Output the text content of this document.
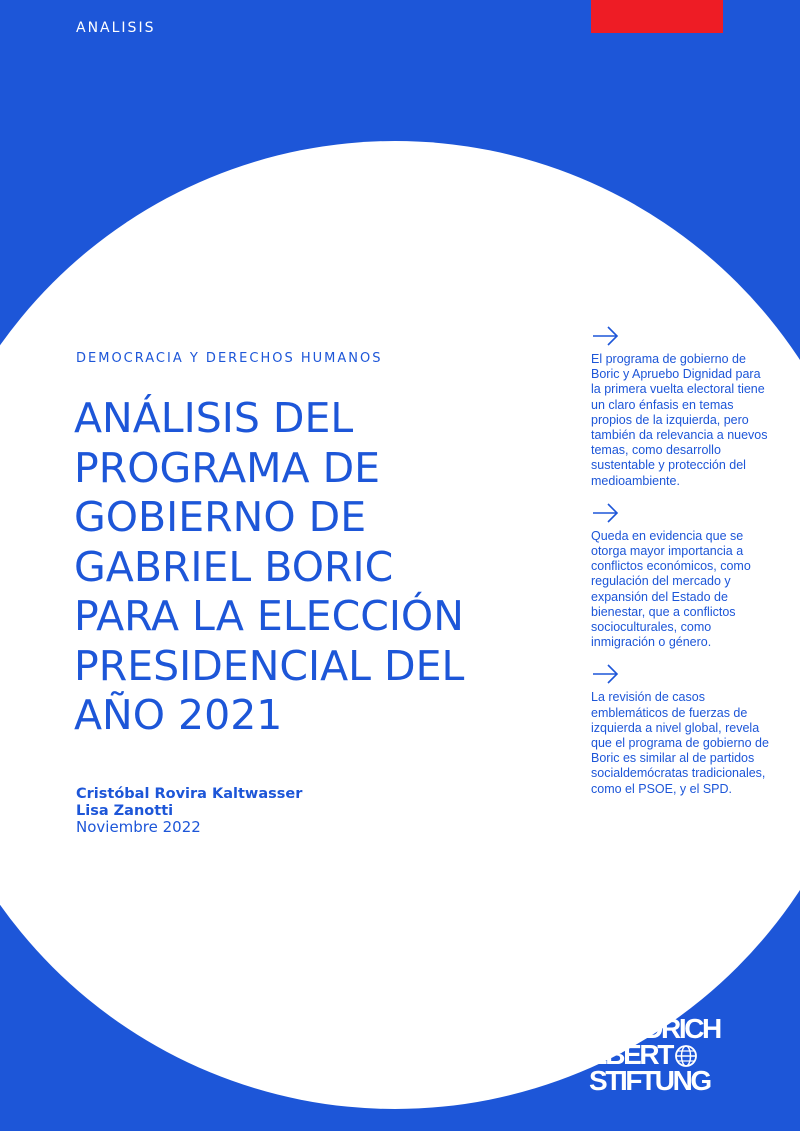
ANALISIS
DEMOCRACIA Y DERECHOS HUMANOS
ANÁLISIS DEL
PROGRAMA DE
GOBIERNO DE
GABRIEL BORIC
PARA LA ELECCIÓN
PRESIDENCIAL DEL
AÑO 2021
Cristóbal Rovira Kaltwasser
Lisa Zanotti
Noviembre 2022
El programa de gobierno de Boric y Apruebo Dignidad para la primera vuelta electoral tiene un claro énfasis en temas propios de la izquierda, pero también da relevancia a nuevos temas, como desarrollo sustentable y protección del medioambiente.
Queda en evidencia que se otorga mayor importancia a conflictos económicos, como regulación del mercado y expansión del Estado de bienestar, que a conflictos socioculturales, como inmigración o género.
La revisión de casos emblemáticos de fuerzas de izquierda a nivel global, revela que el programa de gobierno de Boric es similar al de partidos socialdemócratas tradicionales, como el PSOE, y el SPD.
FRIEDRICH
EBERT
STIFTUNG
